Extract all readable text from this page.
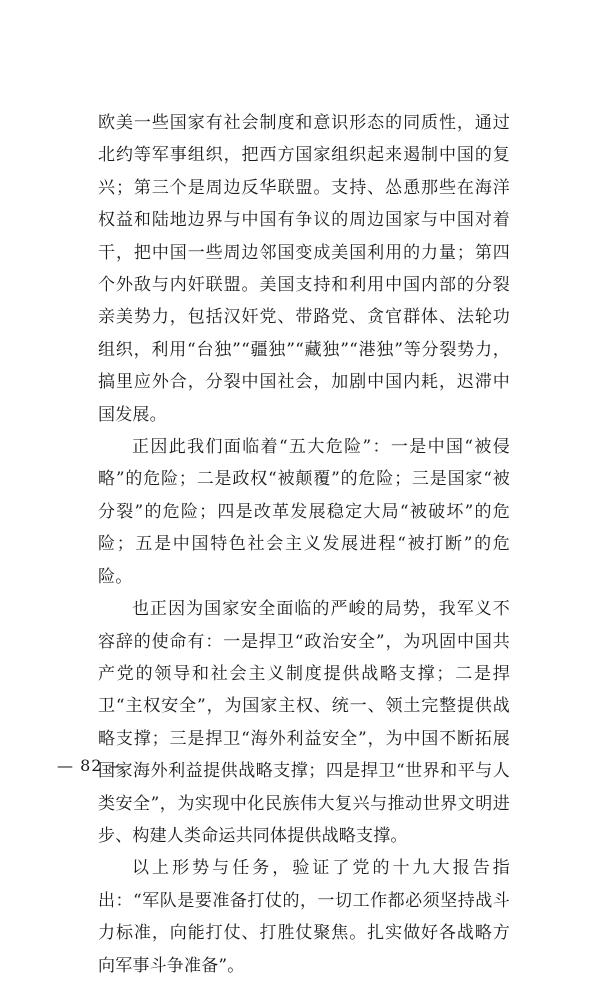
欧美一些国家有社会制度和意识形态的同质性，通过北约等军事组织，把西方国家组织起来遏制中国的复兴；第三个是周边反华联盟。支持、怂恿那些在海洋权益和陆地边界与中国有争议的周边国家与中国对着干，把中国一些周边邻国变成美国利用的力量；第四个外敌与内奸联盟。美国支持和利用中国内部的分裂亲美势力，包括汉奸党、带路党、贪官群体、法轮功组织，利用“台独”“疆独”“藏独”“港独”等分裂势力，搞里应外合，分裂中国社会，加剧中国内耗，迟滞中国发展。

正因此我们面临着“五大危险”：一是中国“被侵略”的危险；二是政权“被颠覆”的危险；三是国家“被分裂”的危险；四是改革发展稳定大局“被破坏”的危险；五是中国特色社会主义发展进程“被打断”的危险。

也正因为国家安全面临的严峻的局势，我军义不容辞的使命有：一是捍卫“政治安全”，为巩固中国共产党的领导和社会主义制度提供战略支撑；二是捍卫“主权安全”，为国家主权、统一、领土完整提供战略支撑；三是捍卫“海外利益安全”，为中国不断拓展国家海外利益提供战略支撑；四是捍卫“世界和平与人类安全”，为实现中化民族伟大复兴与推动世界文明进步、构建人类命运共同体提供战略支撑。

以上形势与任务，验证了党的十九大报告指出：“军队是要准备打仗的，一切工作都必须坚持战斗力标准，向能打仗、打胜仗聚焦。扎实做好各战略方向军事斗争准备”。

— 82 —
